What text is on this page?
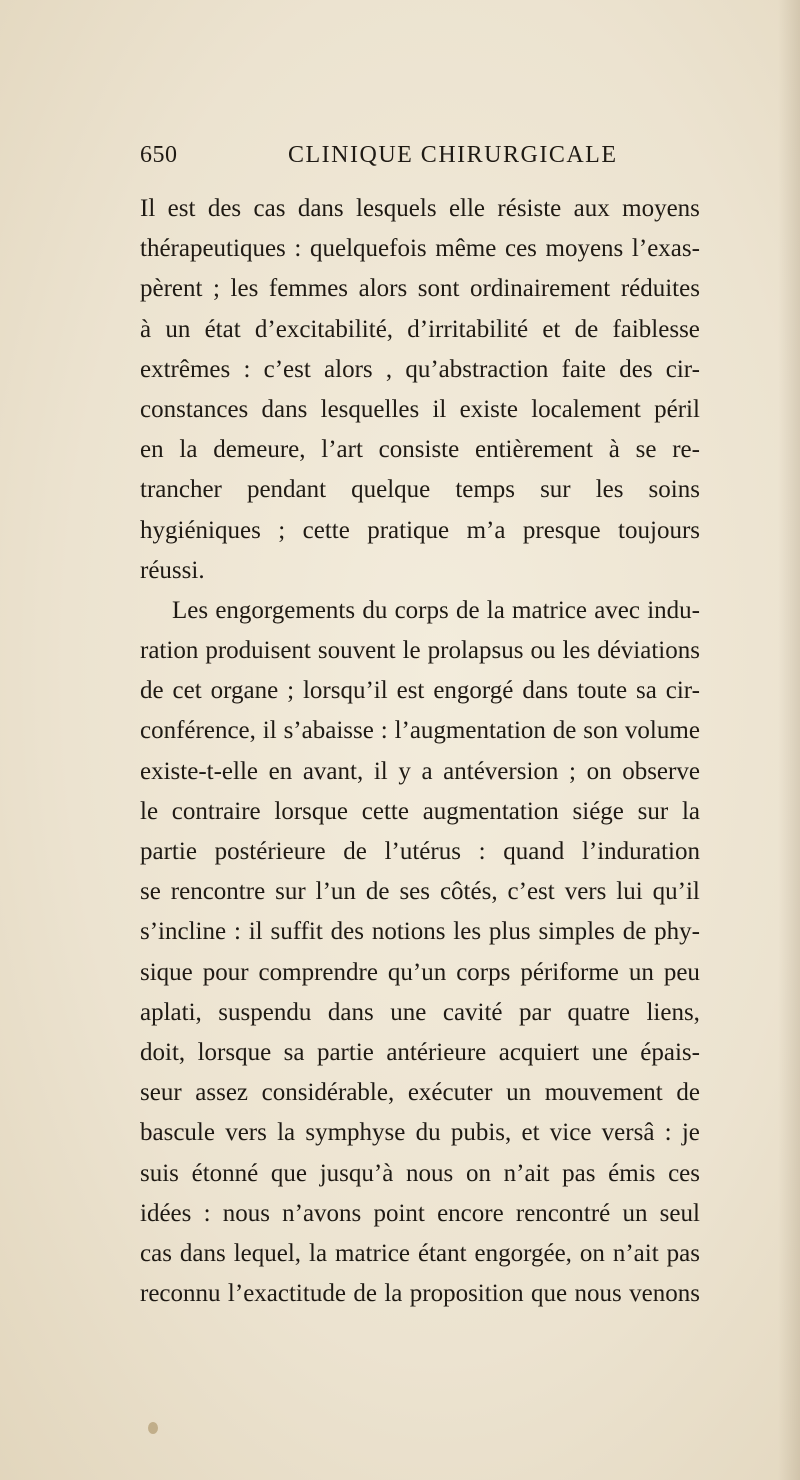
650	CLINIQUE CHIRURGICALE
Il est des cas dans lesquels elle résiste aux moyens
thérapeutiques : quelquefois même ces moyens l’exas-
pèrent ; les femmes alors sont ordinairement réduites
à un état d’excitabilité, d’irritabilité et de faiblesse
extrêmes : c’est alors , qu’abstraction faite des cir-
constances dans lesquelles il existe localement péril
en la demeure, l’art consiste entièrement à se re-
trancher pendant quelque temps sur les soins
hygiéniques ; cette pratique m’a presque toujours
réussi.
Les engorgements du corps de la matrice avec indu-
ration produisent souvent le prolapsus ou les déviations
de cet organe ; lorsqu’il est engorgé dans toute sa cir-
conférence, il s’abaisse : l’augmentation de son volume
existe-t-elle en avant, il y a antéversion ; on observe
le contraire lorsque cette augmentation siége sur la
partie postérieure de l’utérus : quand l’induration
se rencontre sur l’un de ses côtés, c’est vers lui qu’il
s’incline : il suffit des notions les plus simples de phy-
sique pour comprendre qu’un corps périforme un peu
aplati, suspendu dans une cavité par quatre liens,
doit, lorsque sa partie antérieure acquiert une épais-
seur assez considérable, exécuter un mouvement de
bascule vers la symphyse du pubis, et vice versâ : je
suis étonné que jusqu’à nous on n’ait pas émis ces
idées : nous n’avons point encore rencontré un seul
cas dans lequel, la matrice étant engorgée, on n’ait pas
reconnu l’exactitude de la proposition que nous venons
